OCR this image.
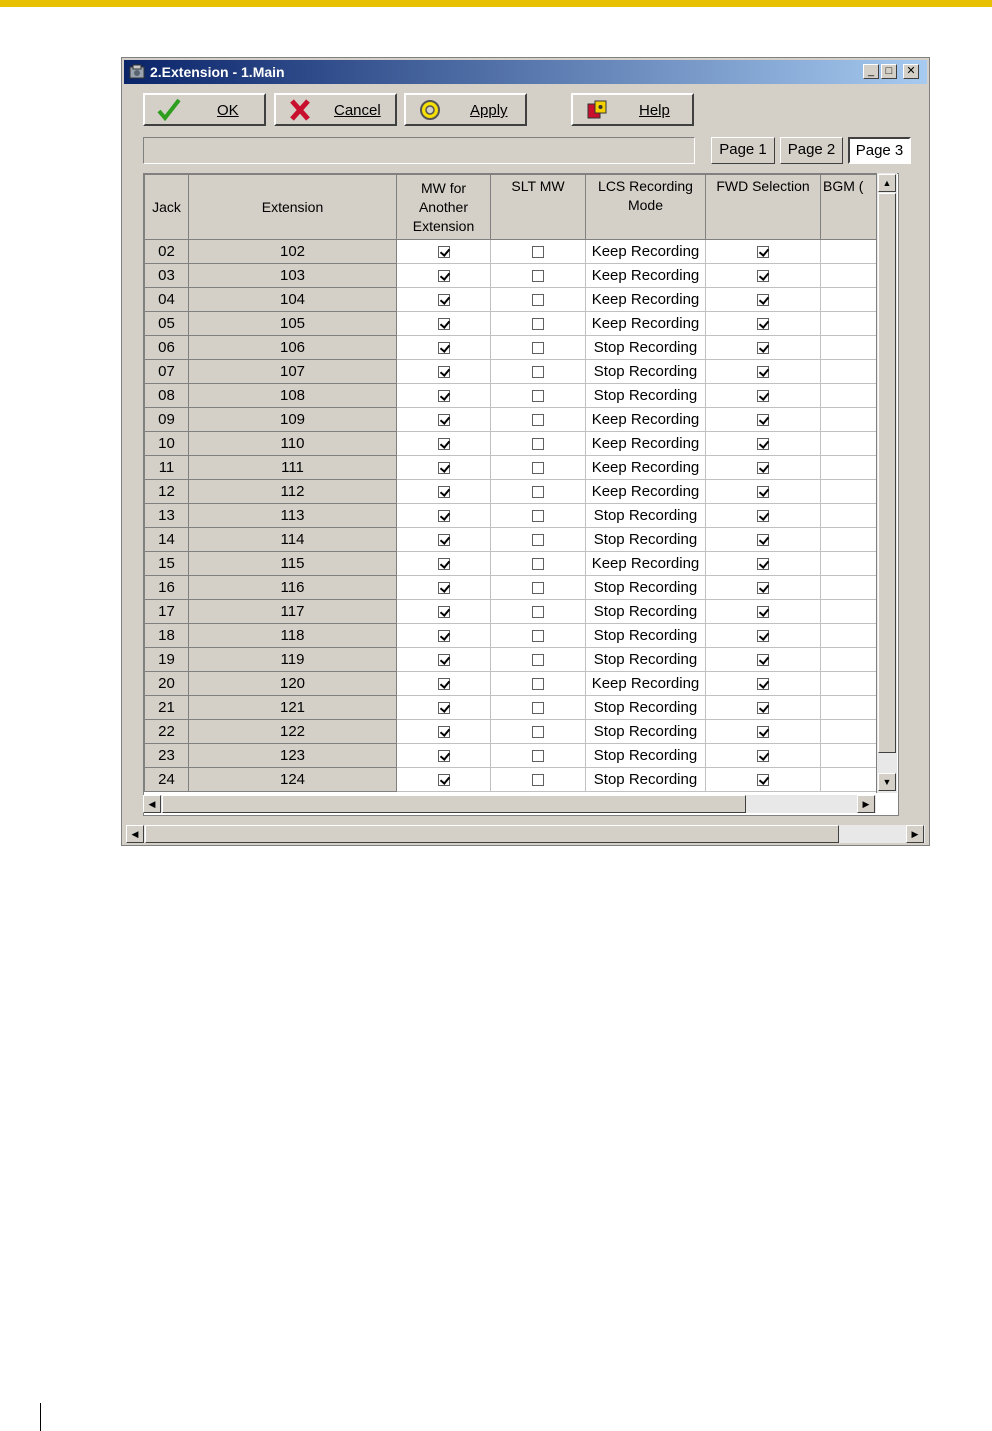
2.Extension - 1.Main	_	□	✕
OK	Cancel	Apply	Help
Page 1	Page 2	Page 3
Jack	Extension	MW for Another Extension	SLT MW	LCS Recording Mode	FWD Selection	BGM (
02	102			Keep Recording		
03	103			Keep Recording		
04	104			Keep Recording		
05	105			Keep Recording		
06	106			Stop Recording		
07	107			Stop Recording		
08	108			Stop Recording		
09	109			Keep Recording		
10	110			Keep Recording		
11	111			Keep Recording		
12	112			Keep Recording		
13	113			Stop Recording		
14	114			Stop Recording		
15	115			Keep Recording		
16	116			Stop Recording		
17	117			Stop Recording		
18	118			Stop Recording		
19	119			Stop Recording		
20	120			Keep Recording		
21	121			Stop Recording		
22	122			Stop Recording		
23	123			Stop Recording		
24	124			Stop Recording		
▲
▼
◀	▶
◀	▶
